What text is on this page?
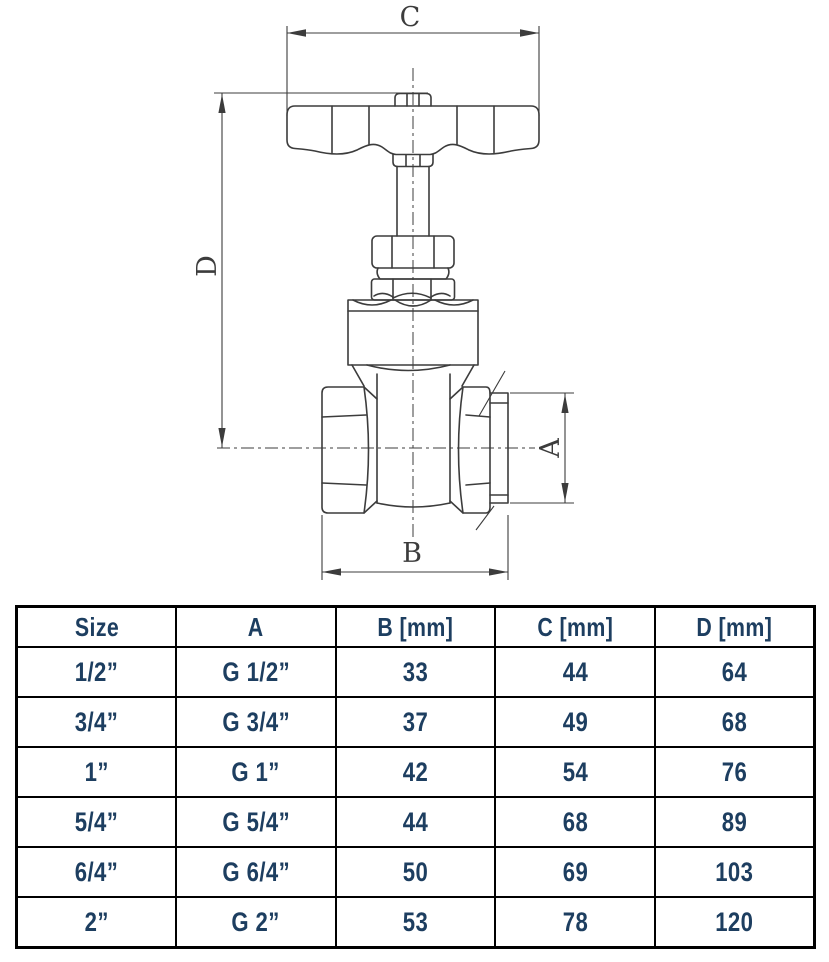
C
D
A
B
Size	A	B [mm]	C [mm]	D [mm]
1/2”	G 1/2”	33	44	64
3/4”	G 3/4”	37	49	68
1”	G 1”	42	54	76
5/4”	G 5/4”	44	68	89
6/4”	G 6/4”	50	69	103
2”	G 2”	53	78	120
